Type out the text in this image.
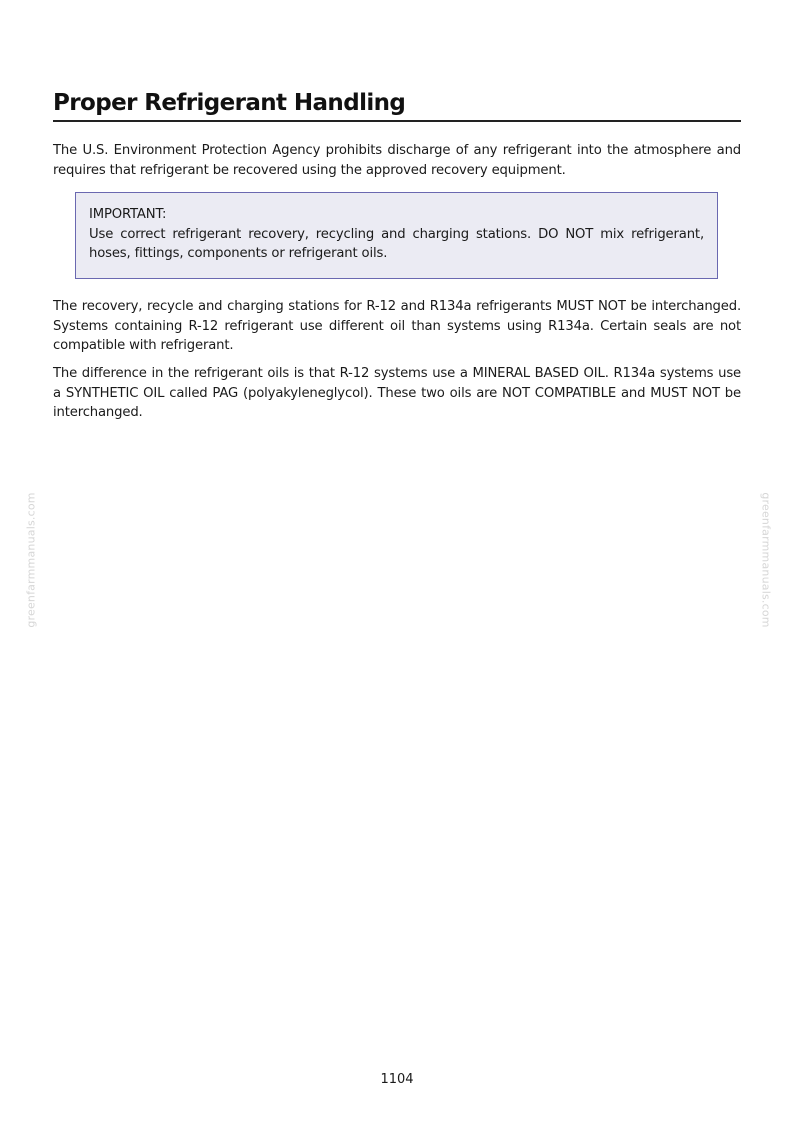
Proper Refrigerant Handling

The U.S. Environment Protection Agency prohibits discharge of any refrigerant into the atmosphere and requires that refrigerant be recovered using the approved recovery equipment.

IMPORTANT:

Use correct refrigerant recovery, recycling and charging stations. DO NOT mix refrigerant, hoses, fittings, components or refrigerant oils.

The recovery, recycle and charging stations for R-12 and R134a refrigerants MUST NOT be interchanged. Systems containing R-12 refrigerant use different oil than systems using R134a. Certain seals are not compatible with refrigerant.

The difference in the refrigerant oils is that R-12 systems use a MINERAL BASED OIL. R134a systems use a SYNTHETIC OIL called PAG (polyakyleneglycol). These two oils are NOT COMPATIBLE and MUST NOT be interchanged.

greenfarmmanuals.com	greenfarmmanuals.com
1104
